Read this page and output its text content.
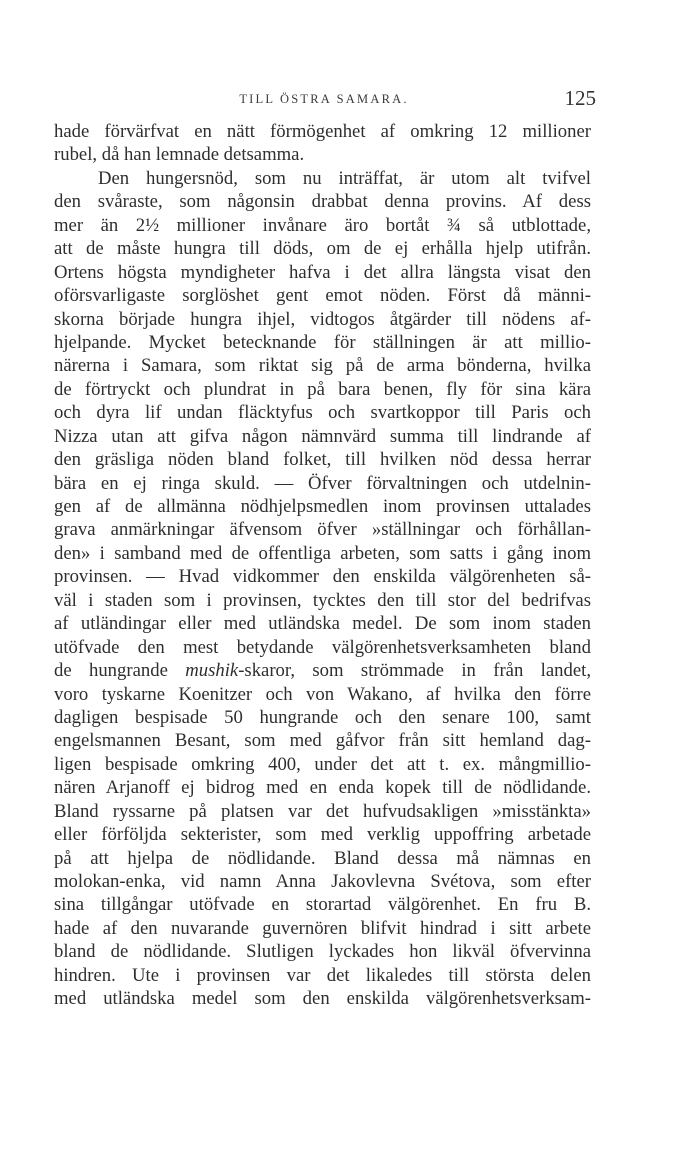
TILL ÖSTRA SAMARA.	125
hade förvärfvat en nätt förmögenhet af omkring 12 millioner
rubel, då han lemnade detsamma.
Den hungersnöd, som nu inträffat, är utom alt tvifvel
den svåraste, som någonsin drabbat denna provins. Af dess
mer än 2½ millioner invånare äro bortåt ¾ så utblottade,
att de måste hungra till döds, om de ej erhålla hjelp utifrån.
Ortens högsta myndigheter hafva i det allra längsta visat den
oförsvarligaste sorglöshet gent emot nöden. Först då männi-
skorna började hungra ihjel, vidtogos åtgärder till nödens af-
hjelpande. Mycket betecknande för ställningen är att millio-
närerna i Samara, som riktat sig på de arma bönderna, hvilka
de förtryckt och plundrat in på bara benen, fly för sina kära
och dyra lif undan fläcktyfus och svartkoppor till Paris och
Nizza utan att gifva någon nämnvärd summa till lindrande af
den gräsliga nöden bland folket, till hvilken nöd dessa herrar
bära en ej ringa skuld. — Öfver förvaltningen och utdelnin-
gen af de allmänna nödhjelpsmedlen inom provinsen uttalades
grava anmärkningar äfvensom öfver »ställningar och förhållan-
den» i samband med de offentliga arbeten, som satts i gång inom
provinsen. — Hvad vidkommer den enskilda välgörenheten så-
väl i staden som i provinsen, tycktes den till stor del bedrifvas
af utländingar eller med utländska medel. De som inom staden
utöfvade den mest betydande välgörenhetsverksamheten bland
de hungrande mushik-skaror, som strömmade in från landet,
voro tyskarne Koenitzer och von Wakano, af hvilka den förre
dagligen bespisade 50 hungrande och den senare 100, samt
engelsmannen Besant, som med gåfvor från sitt hemland dag-
ligen bespisade omkring 400, under det att t. ex. mångmillio-
nären Arjanoff ej bidrog med en enda kopek till de nödlidande.
Bland ryssarne på platsen var det hufvudsakligen »misstänkta»
eller förföljda sekterister, som med verklig uppoffring arbetade
på att hjelpa de nödlidande. Bland dessa må nämnas en
molokan-enka, vid namn Anna Jakovlevna Svétova, som efter
sina tillgångar utöfvade en storartad välgörenhet. En fru B.
hade af den nuvarande guvernören blifvit hindrad i sitt arbete
bland de nödlidande. Slutligen lyckades hon likväl öfvervinna
hindren. Ute i provinsen var det likaledes till största delen
med utländska medel som den enskilda välgörenhetsverksam-
